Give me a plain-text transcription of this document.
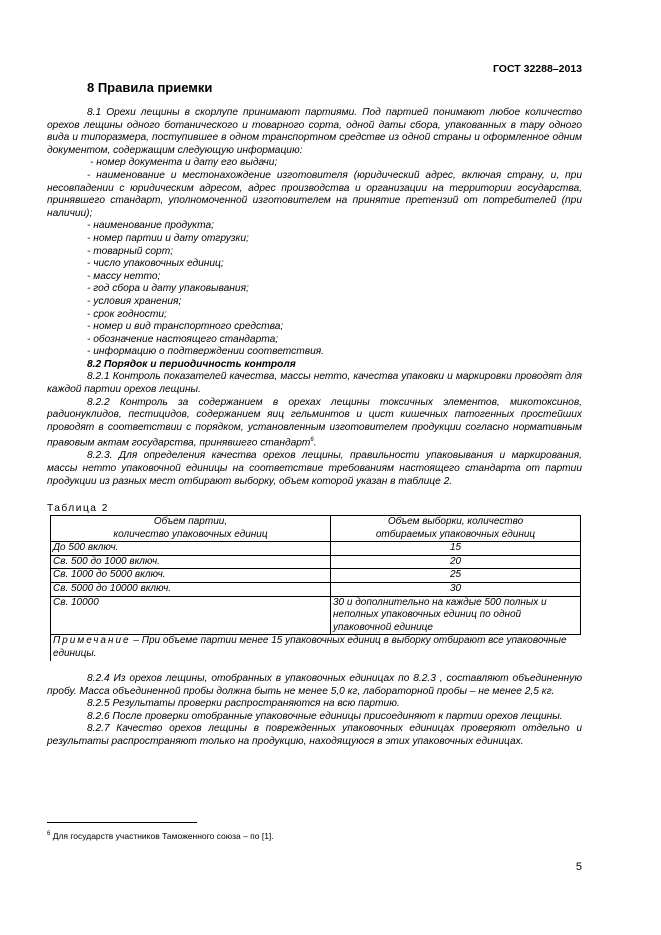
ГОСТ 32288–2013
8 Правила приемки

8.1 Орехи лещины в скорлупе принимают партиями. Под партией понимают любое количество орехов лещины одного ботанического и товарного сорта, одной даты сбора, упакованных в тару одного вида и типоразмера, поступившее в одном транспортном средстве из одной страны и оформленное одним документом, содержащим следующую информацию:

- номер документа и дату его выдачи;

- наименование и местонахождение изготовителя (юридический адрес, включая страну, и, при несовпадении с юридическим адресом, адрес производства и организации на территории государства, принявшего стандарт, уполномоченной изготовителем на принятие претензий от потребителей (при наличии);

- наименование продукта;

- номер партии и дату отгрузки;

- товарный сорт;

- число упаковочных единиц;

- массу нетто;

- год сбора и дату упаковывания;

- условия хранения;

- срок годности;

- номер и вид транспортного средства;

- обозначение настоящего стандарта;

- информацию о подтверждении соответствия.

8.2 Порядок и периодичность контроля

8.2.1 Контроль показателей качества, массы нетто, качества упаковки и маркировки проводят для каждой партии орехов лещины.

8.2.2 Контроль за содержанием в орехах лещины токсичных элементов, микотоксинов, радионуклидов, пестицидов, содержанием яиц гельминтов и цист кишечных патогенных простейших проводят в соответствии с порядком, установленным изготовителем продукции согласно нормативным правовым актам государства, принявшего стандарт$^6$.

8.2.3. Для определения качества орехов лещины, правильности упаковывания и маркирования, массы нетто упаковочной единицы на соответствие требованиям настоящего стандарта от партии продукции из разных мест отбирают выборку, объем которой указан в таблице 2.

Таблица 2
Объем партии,
количество упаковочных единиц	Объем выборки, количество
отбираемых упаковочных единиц
До 500 включ.	15
Св. 500 до 1000 включ.	20
Св. 1000 до 5000 включ.	25
Св. 5000 до 10000 включ.	30
Св. 10000	30 и дополнительно на каждые 500 полных и неполных упаковочных единиц по одной упаковочной единице
Примечание – При объеме партии менее 15 упаковочных единиц в выборку отбирают все упаковочные единицы.	

8.2.4 Из орехов лещины, отобранных в упаковочных единицах по 8.2.3 , составляют объединенную пробу. Масса объединенной пробы должна быть не менее 5,0 кг, лабораторной пробы – не менее 2,5 кг.

8.2.5 Результаты проверки распространяются на всю партию.

8.2.6 После проверки отобранные упаковочные единицы присоединяют к партии орехов лещины.

8.2.7 Качество орехов лещины в поврежденных упаковочных единицах проверяют отдельно и результаты распространяют только на продукцию, находящуюся в этих упаковочных единицах.

$^6$ Для государств участников Таможенного союза – по [1].
5
